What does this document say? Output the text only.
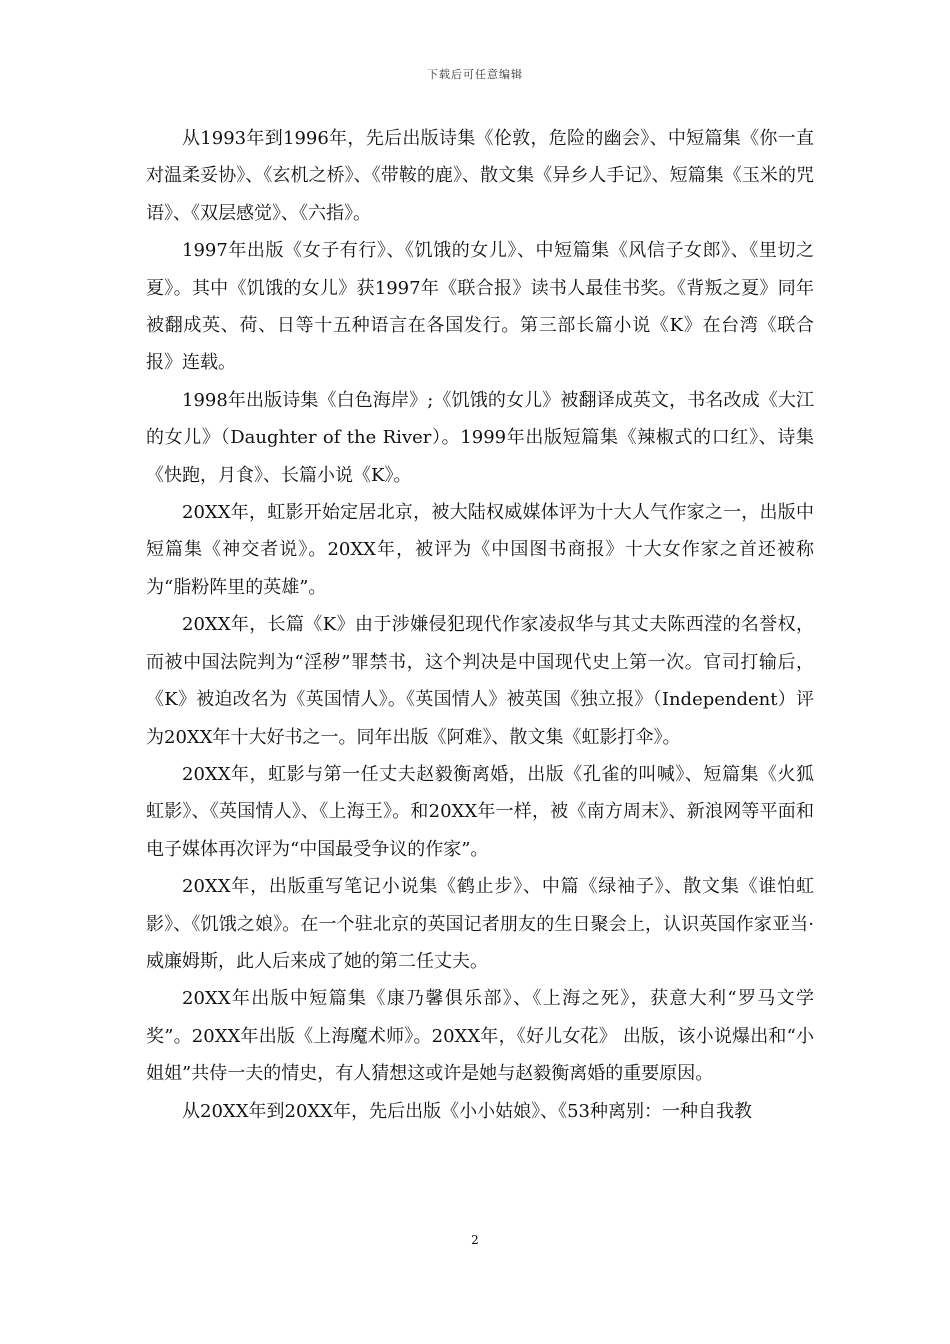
下载后可任意编辑

从1993年到1996年，先后出版诗集《伦敦，危险的幽会》、中短篇集《你一直对温柔妥协》、《玄机之桥》、《带鞍的鹿》、散文集《异乡人手记》、短篇集《玉米的咒语》、《双层感觉》、《六指》。

1997年出版《女子有行》、《饥饿的女儿》、中短篇集《风信子女郎》、《里切之夏》。其中《饥饿的女儿》获1997年《联合报》读书人最佳书奖。《背叛之夏》同年被翻成英、荷、日等十五种语言在各国发行。第三部长篇小说《K》在台湾《联合报》连载。

1998年出版诗集《白色海岸》;《饥饿的女儿》被翻译成英文，书名改成《大江的女儿》（Daughter of the River）。1999年出版短篇集《辣椒式的口红》、诗集《快跑，月食》、长篇小说《K》。

20XX年，虹影开始定居北京，被大陆权威媒体评为十大人气作家之一，出版中短篇集《神交者说》。20XX年，被评为《中国图书商报》十大女作家之首还被称为“脂粉阵里的英雄”。

20XX年，长篇《K》由于涉嫌侵犯现代作家凌叔华与其丈夫陈西滢的名誉权，而被中国法院判为“淫秽”罪禁书，这个判决是中国现代史上第一次。官司打输后，《K》被迫改名为《英国情人》。《英国情人》被英国《独立报》（Independent）评为20XX年十大好书之一。同年出版《阿难》、散文集《虹影打伞》。

20XX年，虹影与第一任丈夫赵毅衡离婚，出版《孔雀的叫喊》、短篇集《火狐虹影》、《英国情人》、《上海王》。和20XX年一样，被《南方周末》、新浪网等平面和电子媒体再次评为“中国最受争议的作家”。

20XX年，出版重写笔记小说集《鹤止步》、中篇《绿袖子》、散文集《谁怕虹影》、《饥饿之娘》。在一个驻北京的英国记者朋友的生日聚会上，认识英国作家亚当·威廉姆斯，此人后来成了她的第二任丈夫。

20XX年出版中短篇集《康乃馨俱乐部》、《上海之死》，获意大利“罗马文学奖”。20XX年出版《上海魔术师》。20XX年，《好儿女花》 出版，该小说爆出和“小姐姐”共侍一夫的情史，有人猜想这或许是她与赵毅衡离婚的重要原因。

从20XX年到20XX年，先后出版《小小姑娘》、《53种离别：一种自我教

2
